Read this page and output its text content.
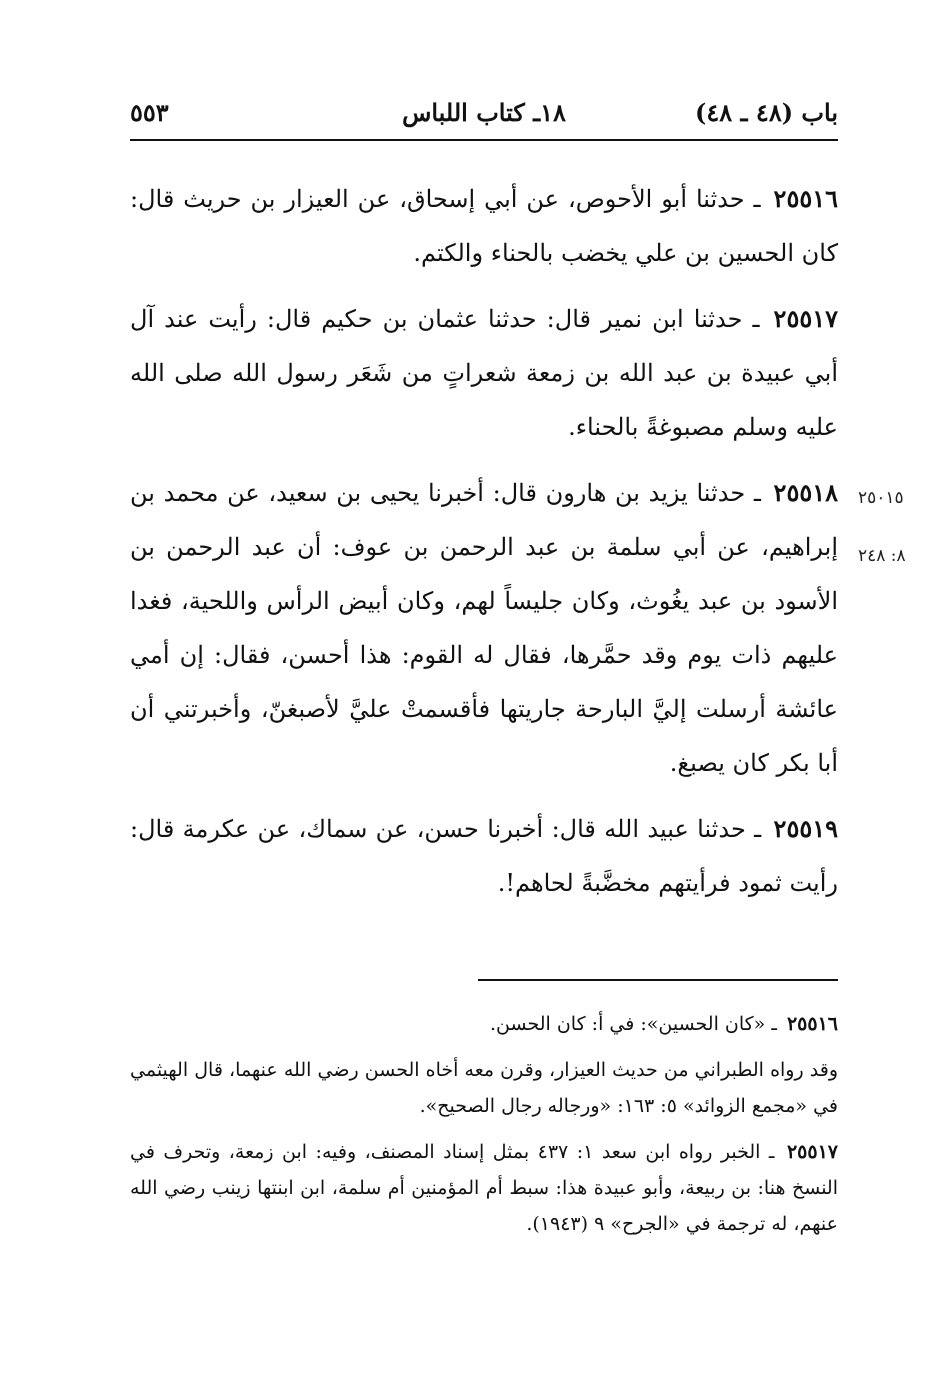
باب (٤٨ ـ ٤٨)
١٨ـ كتاب اللباس
٥٥٣

٢٥٥١٦ ـ حدثنا أبو الأحوص، عن أبي إسحاق، عن العيزار بن حريث قال: كان الحسين بن علي يخضب بالحناء والكتم.

٢٥٥١٧ ـ حدثنا ابن نمير قال: حدثنا عثمان بن حكيم قال: رأيت عند آل أبي عبيدة بن عبد الله بن زمعة شعراتٍ من شَعَر رسول الله صلى الله عليه وسلم مصبوغةً بالحناء.

٢٥٥١٨ ـ حدثنا يزيد بن هارون قال: أخبرنا يحيى بن سعيد، عن محمد بن إبراهيم، عن أبي سلمة بن عبد الرحمن بن عوف: أن عبد الرحمن بن الأسود بن عبد يغُوث، وكان جليساً لهم، وكان أبيض الرأس واللحية، فغدا عليهم ذات يوم وقد حمَّرها، فقال له القوم: هذا أحسن، فقال: إن أمي عائشة أرسلت إليَّ البارحة جاريتها فأقسمتْ عليَّ لأصبغنّ، وأخبرتني أن أبا بكر كان يصبغ.

٢٥٥١٩ ـ حدثنا عبيد الله قال: أخبرنا حسن، عن سماك، عن عكرمة قال: رأيت ثمود فرأيتهم مخضَّبةً لحاهم!.

٢٥٠١٥
٨: ٢٤٨

٢٥٥١٦ ـ «كان الحسين»: في أ: كان الحسن.

وقد رواه الطبراني من حديث العيزار، وقرن معه أخاه الحسن رضي الله عنهما، قال الهيثمي في «مجمع الزوائد» ٥: ١٦٣: «ورجاله رجال الصحيح».

٢٥٥١٧ ـ الخبر رواه ابن سعد ١: ٤٣٧ بمثل إسناد المصنف، وفيه: ابن زمعة، وتحرف في النسخ هنا: بن ربيعة، وأبو عبيدة هذا: سبط أم المؤمنين أم سلمة، ابن ابنتها زينب رضي الله عنهم، له ترجمة في «الجرح» ٩ (١٩٤٣).
